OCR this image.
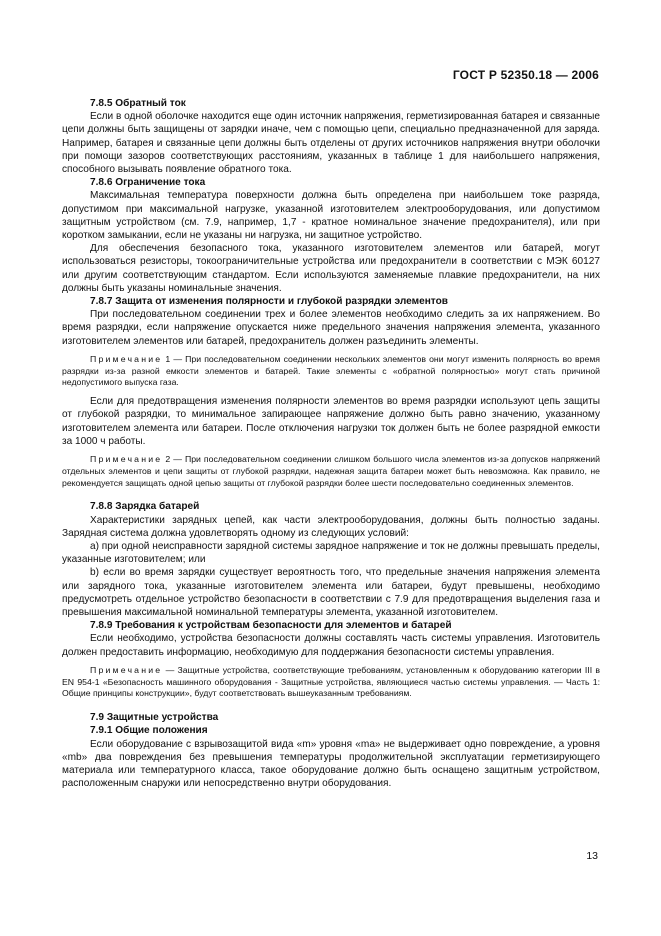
ГОСТ Р 52350.18 — 2006

7.8.5 Обратный ток

Если в одной оболочке находится еще один источник напряжения, герметизированная батарея и связанные цепи должны быть защищены от зарядки иначе, чем с помощью цепи, специально предназначенной для заряда. Например, батарея и связанные цепи должны быть отделены от других источников напряжения внутри оболочки при помощи зазоров соответствующих расстояниям, указанных в таблице 1 для наибольшего напряжения, способного вызывать появление обратного тока.

7.8.6 Ограничение тока

Максимальная температура поверхности должна быть определена при наибольшем токе разряда, допустимом при максимальной нагрузке, указанной изготовителем электрооборудования, или допустимом защитным устройством (см. 7.9, например, 1,7 - кратное номинальное значение предохранителя), или при коротком замыкании, если не указаны ни нагрузка, ни защитное устройство.

Для обеспечения безопасного тока, указанного изготовителем элементов или батарей, могут использоваться резисторы, токоограничительные устройства или предохранители в соответствии с МЭК 60127 или другим соответствующим стандартом. Если используются заменяемые плавкие предохранители, на них должны быть указаны номинальные значения.

7.8.7 Защита от изменения полярности и глубокой разрядки элементов

При последовательном соединении трех и более элементов необходимо следить за их напряжением. Во время разрядки, если напряжение опускается ниже предельного значения напряжения элемента, указанного изготовителем элементов или батарей, предохранитель должен разъединить элементы.

Примечание 1 — При последовательном соединении нескольких элементов они могут изменить полярность во время разрядки из-за разной емкости элементов и батарей. Такие элементы с «обратной полярностью» могут стать причиной недопустимого выпуска газа.

Если для предотвращения изменения полярности элементов во время разрядки используют цепь защиты от глубокой разрядки, то минимальное запирающее напряжение должно быть равно значению, указанному изготовителем элемента или батареи. После отключения нагрузки ток должен быть не более разрядной емкости за 1000 ч работы.

Примечание 2 — При последовательном соединении слишком большого числа элементов из-за допусков напряжений отдельных элементов и цепи защиты от глубокой разрядки, надежная защита батареи может быть невозможна. Как правило, не рекомендуется защищать одной цепью защиты от глубокой разрядки более шести последовательно соединенных элементов.

7.8.8 Зарядка батарей

Характеристики зарядных цепей, как части электрооборудования, должны быть полностью заданы. Зарядная система должна удовлетворять одному из следующих условий:

a) при одной неисправности зарядной системы зарядное напряжение и ток не должны превышать пределы, указанные изготовителем; или

b) если во время зарядки существует вероятность того, что предельные значения напряжения элемента или зарядного тока, указанные изготовителем элемента или батареи, будут превышены, необходимо предусмотреть отдельное устройство безопасности в соответствии с 7.9 для предотвращения выделения газа и превышения максимальной номинальной температуры элемента, указанной изготовителем.

7.8.9 Требования к устройствам безопасности для элементов и батарей

Если необходимо, устройства безопасности должны составлять часть системы управления. Изготовитель должен предоставить информацию, необходимую для поддержания безопасности системы управления.

Примечание — Защитные устройства, соответствующие требованиям, установленным к оборудованию категории III в EN 954-1 «Безопасность машинного оборудования - Защитные устройства, являющиеся частью системы управления. — Часть 1: Общие принципы конструкции», будут соответствовать вышеуказанным требованиям.

7.9 Защитные устройства

7.9.1 Общие положения

Если оборудование с взрывозащитой вида «m» уровня «ma» не выдерживает одно повреждение, а уровня «mb» два повреждения без превышения температуры продолжительной эксплуатации герметизирующего материала или температурного класса, такое оборудование должно быть оснащено защитным устройством, расположенным снаружи или непосредственно внутри оборудования.

13
